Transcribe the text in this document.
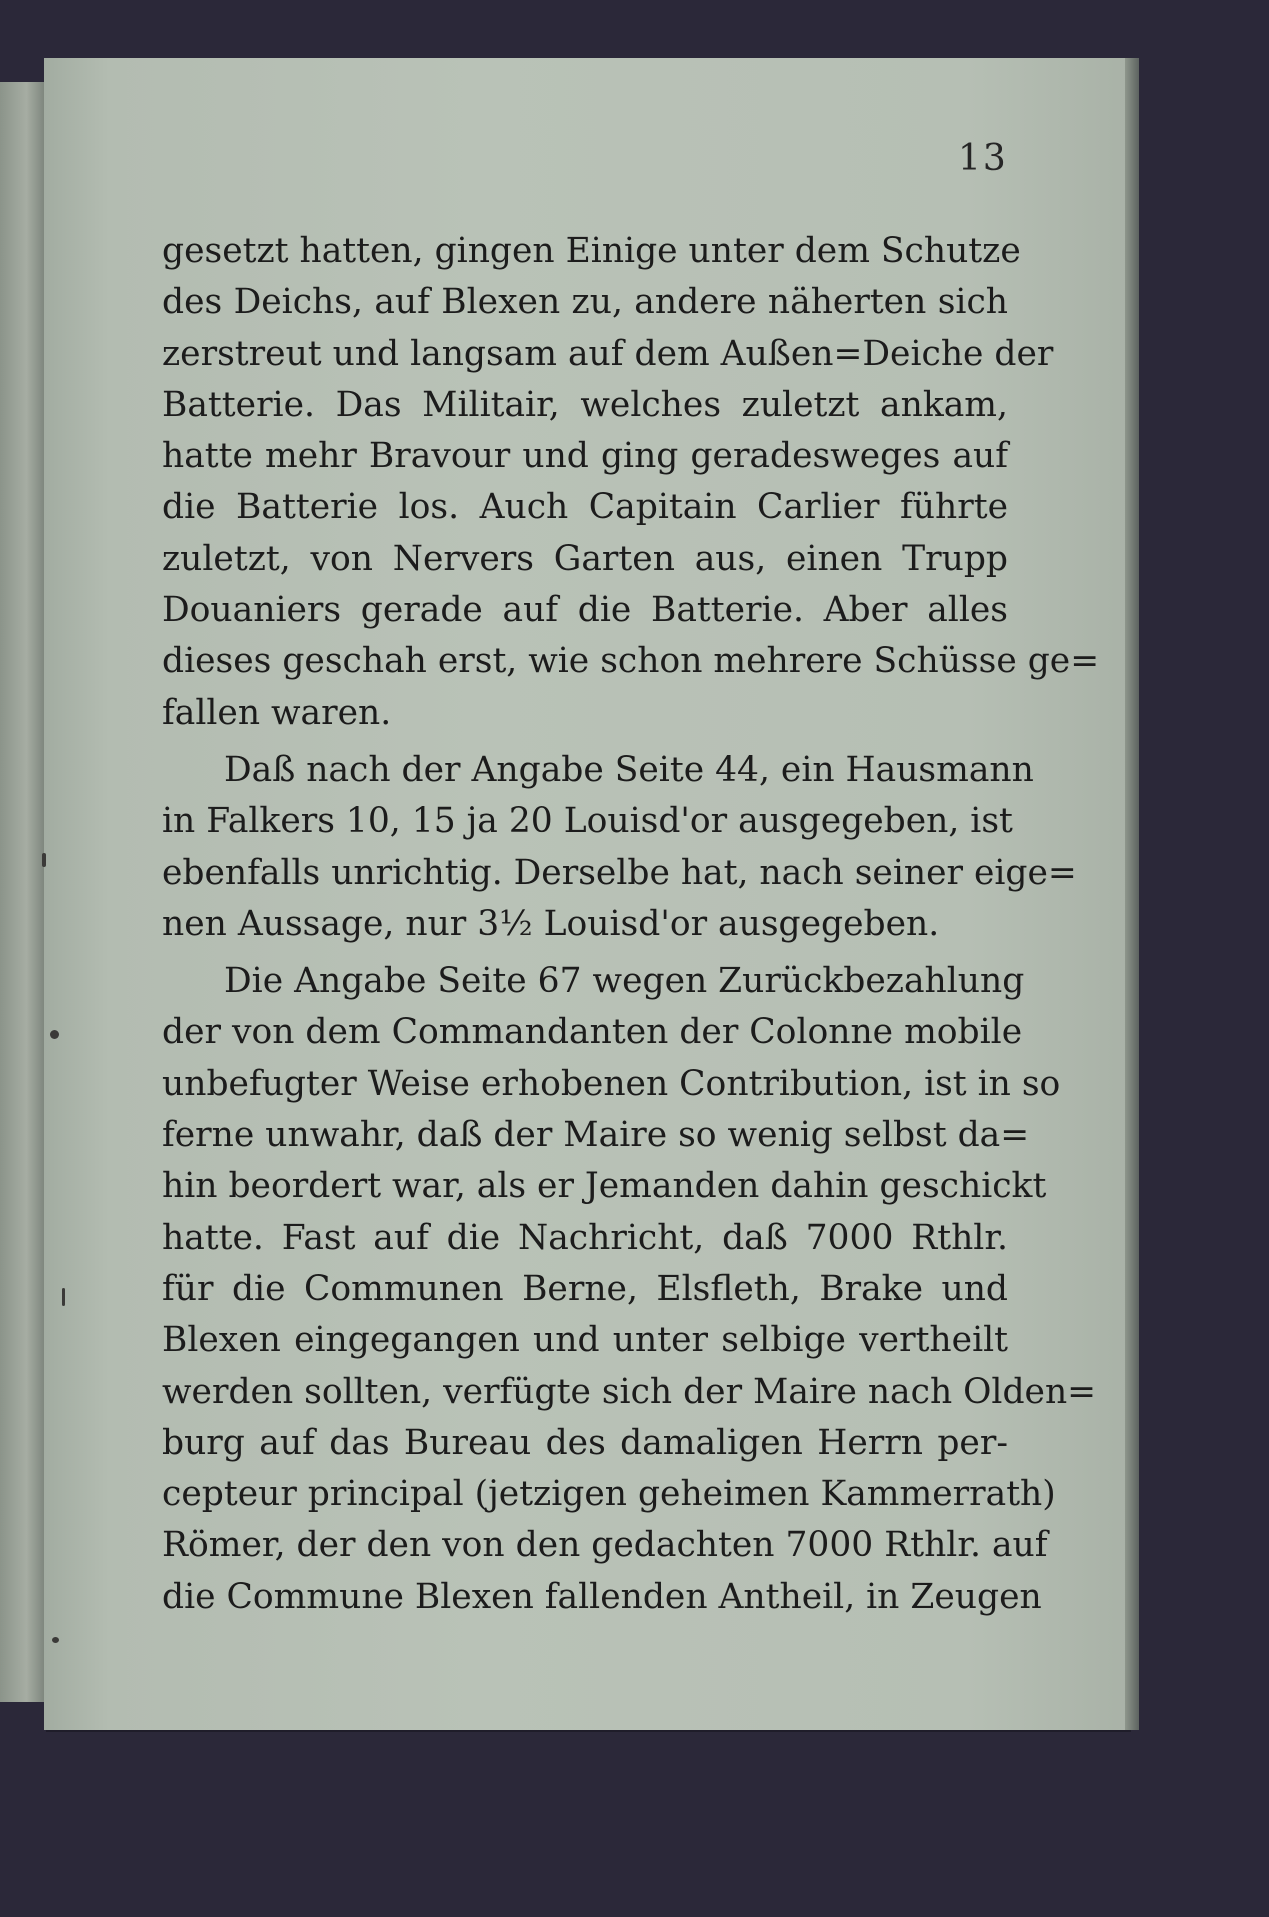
13
gesetzt hatten, gingen Einige unter dem Schutze
des Deichs, auf Blexen zu, andere näherten sich
zerstreut und langsam auf dem Außen=Deiche der
Batterie. Das Militair, welches zuletzt ankam,
hatte mehr Bravour und ging geradesweges auf
die Batterie los. Auch Capitain Carlier führte
zuletzt, von Nervers Garten aus, einen Trupp
Douaniers gerade auf die Batterie. Aber alles
dieses geschah erst, wie schon mehrere Schüsse ge=
fallen waren.
Daß nach der Angabe Seite 44, ein Hausmann
in Falkers 10, 15 ja 20 Louisd'or ausgegeben, ist
ebenfalls unrichtig. Derselbe hat, nach seiner eige=
nen Aussage, nur 3½ Louisd'or ausgegeben.
Die Angabe Seite 67 wegen Zurückbezahlung
der von dem Commandanten der Colonne mobile
unbefugter Weise erhobenen Contribution, ist in so
ferne unwahr, daß der Maire so wenig selbst da=
hin beordert war, als er Jemanden dahin geschickt
hatte. Fast auf die Nachricht, daß 7000 Rthlr.
für die Communen Berne, Elsfleth, Brake und
Blexen eingegangen und unter selbige vertheilt
werden sollten, verfügte sich der Maire nach Olden=
burg auf das Bureau des damaligen Herrn per-
cepteur principal (jetzigen geheimen Kammerrath)
Römer, der den von den gedachten 7000 Rthlr. auf
die Commune Blexen fallenden Antheil, in Zeugen
